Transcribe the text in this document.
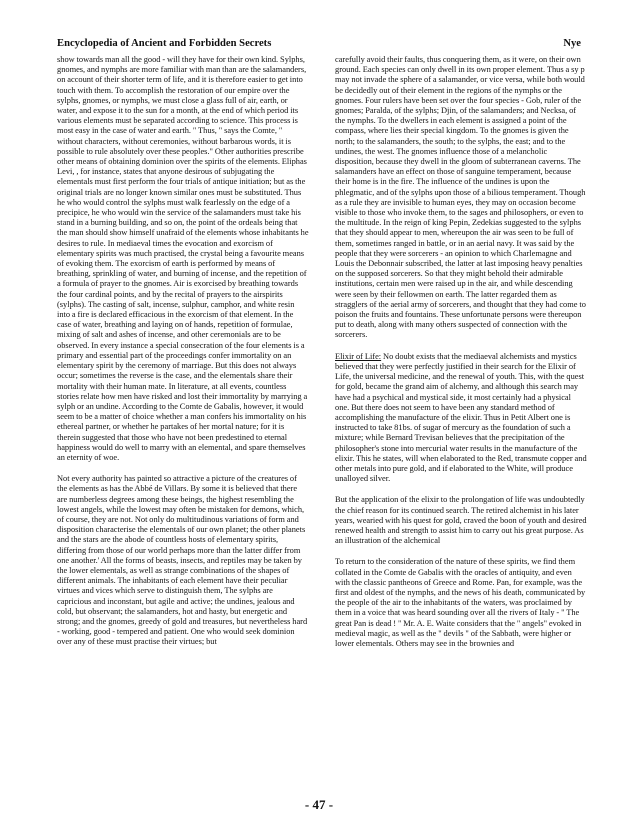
Encyclopedia of Ancient and Forbidden Secrets	Nye

show towards man all the good - will they have for their own kind. Sylphs, gnomes, and nymphs are more familiar with man than are the salamanders, on account of their shorter term of life, and it is therefore easier to get into touch with them. To accomplish the restoration of our empire over the sylphs, gnomes, or nymphs, we must close a glass full of air, earth, or water, and expose it to the sun for a month, at the end of which period its various elements must be separated according to science. This process is most easy in the case of water and earth. " Thus, " says the Comte, " without characters, without ceremonies, without barbarous words, it is possible to rule absolutely over these peoples." Other authorities prescribe other means of obtaining dominion over the spirits of the elements. Eliphas Levi, , for instance, states that anyone desirous of subjugating the elementals must first perform the four trials of antique initiation; but as the original trials are no longer known similar ones must be substituted. Thus he who would control the sylphs must walk fearlessly on the edge of a precipice, he who would win the service of the salamanders must take his stand in a burning building, and so on, the point of the ordeals being that the man should show himself unafraid of the elements whose inhabitants he desires to rule. In mediaeval times the evocation and exorcism of elementary spirits was much practised, the crystal being a favourite means of evoking them. The exorcism of earth is performed by means of breathing, sprinkling of water, and burning of incense, and the repetition of a formula of prayer to the gnomes. Air is exorcised by breathing towards the four cardinal points, and by the recital of prayers to the airspirits (sylphs). The casting of salt, incense, sulphur, camphor, and white resin into a fire is declared efficacious in the exorcism of that element. In the case of water, breathing and laying on of hands, repetition of formulae, mixing of salt and ashes of incense, and other ceremonials are to be observed. In every instance a special consecration of the four elements is a primary and essential part of the proceedings confer immortality on an elementary spirit by the ceremony of marriage. But this does not always occur; sometimes the reverse is the case, and the elementals share their mortality with their human mate. In literature, at all events, countless stories relate how men have risked and lost their immortality by marrying a sylph or an undine. According to the Comte de Gabalis, however, it would seem to be a matter of choice whether a man confers his immortality on his ethereal partner, or whether he partakes of her mortal nature; for it is therein suggested that those who have not been predestined to eternal happiness would do well to marry with an elemental, and spare themselves an eternity of woe.

Not every authority has painted so attractive a picture of the creatures of the elements as has the Abbé de Villars. By some it is believed that there are numberless degrees among these beings, the highest resembling the lowest angels, while the lowest may often be mistaken for demons, which, of course, they are not. Not only do multitudinous variations of form and disposition characterise the elementals of our own planet; the other planets and the stars are the abode of countless hosts of elementary spirits, differing from those of our world perhaps more than the latter differ from one another.' All the forms of beasts, insects, and reptiles may be taken by the lower elementals, as well as strange combinations of the shapes of different animals. The inhabitants of each element have their peculiar virtues and vices which serve to distinguish them, The sylphs are capricious and inconstant, but agile and active; the undines, jealous and cold, but observant; the salamanders, hot and hasty, but energetic and strong; and the gnomes, greedy of gold and treasures, but nevertheless hard - working, good - tempered and patient. One who would seek dominion over any of these must practise their virtues; but

carefully avoid their faults, thus conquering them, as it were, on their own ground. Each species can only dwell in its own proper element. Thus a sy p may not invade the sphere of a salamander, or vice versa, while both would be decidedly out of their element in the regions of the nymphs or the gnomes. Four rulers have been set over the four species - Gob, ruler of the gnomes; Paralda, of the sylphs; Djin, of the salamanders; and Necksa, of the nymphs. To the dwellers in each element is assigned a point of the compass, where lies their special kingdom. To the gnomes is given the north; to the salamanders, the south; to the sylphs, the east; and to the undines, the west. The gnomes influence those of a melancholic disposition, because they dwell in the gloom of subterranean caverns. The salamanders have an effect on those of sanguine temperament, because their home is in the fire. The influence of the undines is upon the phlegmatic, and of the sylphs upon those of a bilious temperament. Though as a rule they are invisible to human eyes, they may on occasion become visible to those who invoke them, to the sages and philosophers, or even to the multitude. In the reign of king Pepin, Zedekias suggested to the sylphs that they should appear to men, whereupon the air was seen to be full of them, sometimes ranged in battle, or in an aerial navy. It was said by the people that they were sorcerers - an opinion to which Charlemagne and Louis the Debonnair subscribed, the latter at last imposing heavy penalties on the supposed sorcerers. So that they might behold their admirable institutions, certain men were raised up in the air, and while descending were seen by their fellowmen on earth. The latter regarded them as stragglers of the aerial army of sorcerers, and thought that they had come to poison the fruits and fountains. These unfortunate persons were thereupon put to death, along with many others suspected of connection with the sorcerers.

Elixir of Life: No doubt exists that the mediaeval alchemists and mystics believed that they were perfectly justified in their search for the Elixir of Life, the universal medicine, and the renewal of youth. This, with the quest for gold, became the grand aim of alchemy, and although this search may have had a psychical and mystical side, it most certainly had a physical one. But there does not seem to have been any standard method of accomplishing the manufacture of the elixir. Thus in Petit Albert one is instructed to take 81bs. of sugar of mercury as the foundation of such a mixture; while Bernard Trevisan believes that the precipitation of the philosopher's stone into mercurial water results in the manufacture of the elixir. This he states, will when elaborated to the Red, transmute copper and other metals into pure gold, and if elaborated to the White, will produce unalloyed silver.

But the application of the elixir to the prolongation of life was undoubtedly the chief reason for its continued search. The retired alchemist in his later years, wearied with his quest for gold, craved the boon of youth and desired renewed health and strength to assist him to carry out his great purpose. As an illustration of the alchemical

To return to the consideration of the nature of these spirits, we find them collated in the Comte de Gabalis with the oracles of antiquity, and even with the classic pantheons of Greece and Rome. Pan, for example, was the first and oldest of the nymphs, and the news of his death, communicated by the people of the air to the inhabitants of the waters, was proclaimed by them in a voice that was heard sounding over all the rivers of Italy - " The great Pan is dead ! " Mr. A. E. Waite considers that the " angels" evoked in medieval magic, as well as the " devils " of the Sabbath, were higher or lower elementals. Others may see in the brownies and

- 47 -
